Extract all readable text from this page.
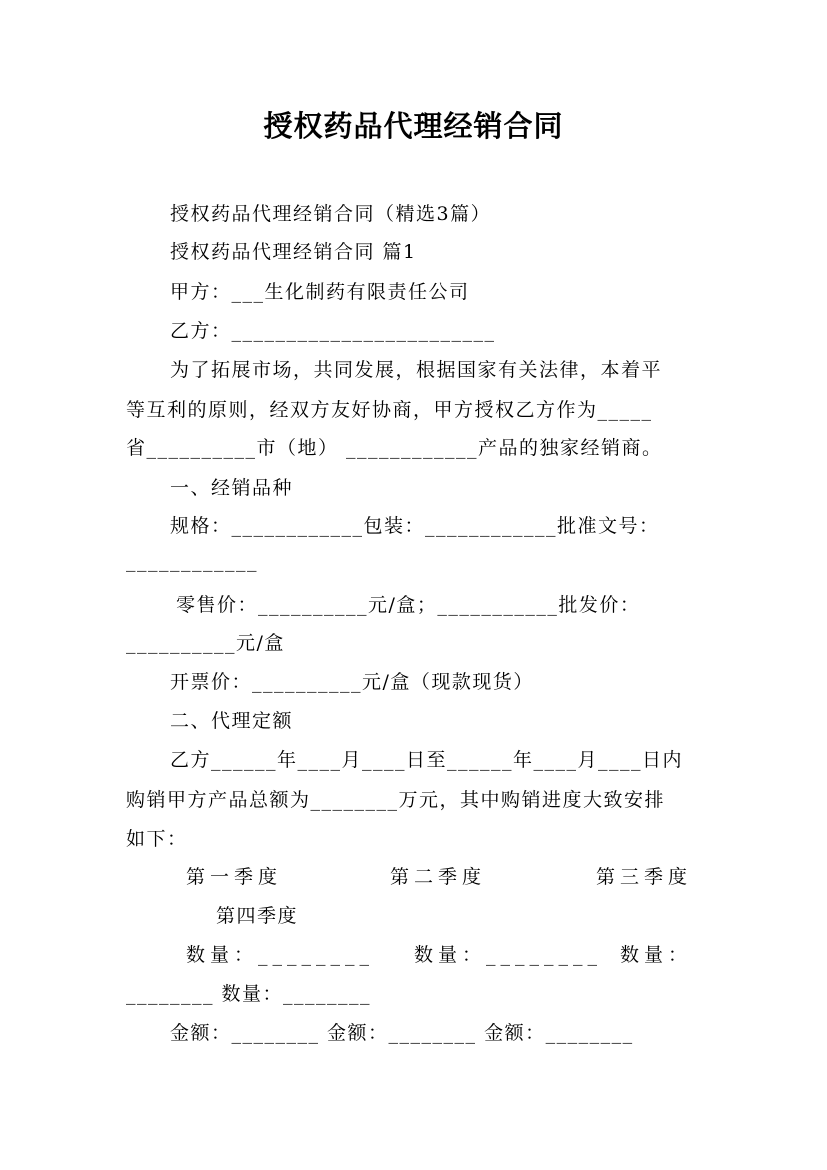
授权药品代理经销合同
授权药品代理经销合同（精选3篇）
授权药品代理经销合同 篇1
甲方：___生化制药有限责任公司
乙方：________________________
为了拓展市场，共同发展，根据国家有关法律，本着平
等互利的原则，经双方友好协商，甲方授权乙方作为_____
省__________市（地） ____________产品的独家经销商。
一、经销品种
规格：____________包装：____________批准文号：
____________
零售价：__________元/盒；___________批发价：
__________元/盒
开票价：__________元/盒（现款现货）
二、代理定额
乙方______年____月____日至______年____月____日内
购销甲方产品总额为________万元，其中购销进度大致安排
如下：
第一季度	第二季度	第三季度
第四季度
数量：________ 数量：________ 数量：
________ 数量：________
金额：________ 金额：________ 金额：________
